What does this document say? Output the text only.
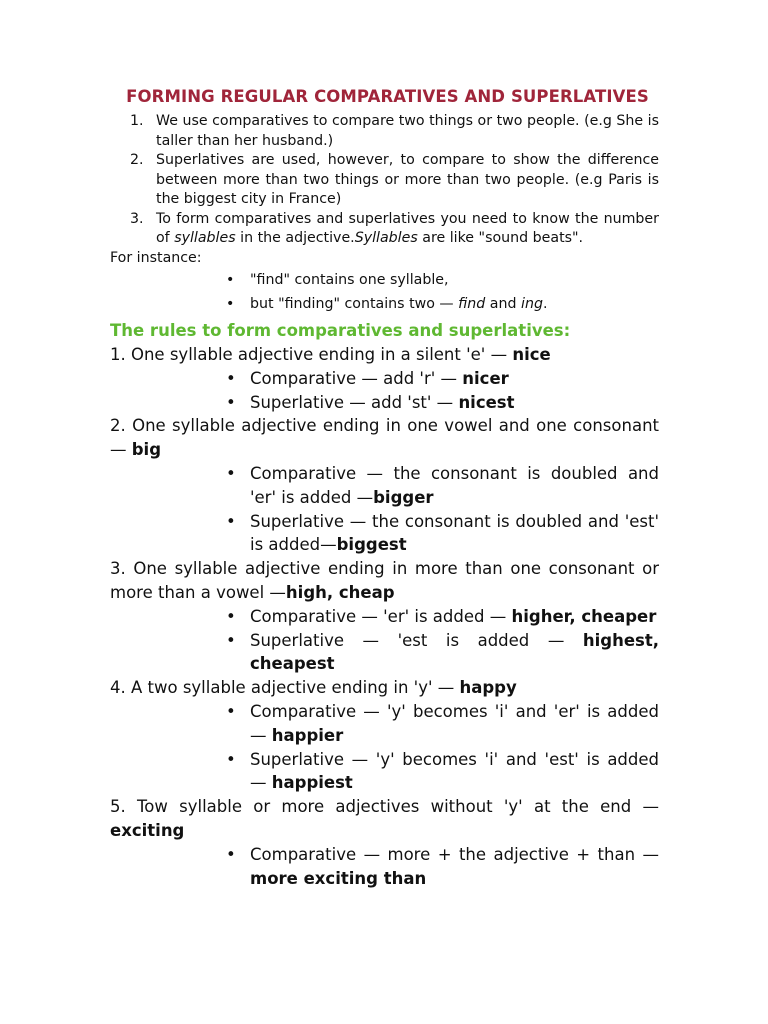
FORMING REGULAR COMPARATIVES AND SUPERLATIVES
1. We use comparatives to compare two things or two people. (e.g She is taller than her husband.)
2. Superlatives are used, however, to compare to show the difference between more than two things or more than two people. (e.g Paris is the biggest city in France)
3. To form comparatives and superlatives you need to know the number of syllables in the adjective.Syllables are like "sound beats".

For instance:

• "find" contains one syllable,
• but "finding" contains two — find and ing.
The rules to form comparatives and superlatives:

1. One syllable adjective ending in a silent 'e' — nice

• Comparative — add 'r' — nicer
• Superlative — add 'st' — nicest

2. One syllable adjective ending in one vowel and one consonant — big

• Comparative — the consonant is doubled and 'er' is added —bigger
• Superlative — the consonant is doubled and 'est' is added—biggest

3. One syllable adjective ending in more than one consonant or more than a vowel —high, cheap

• Comparative — 'er' is added — higher, cheaper
• Superlative — 'est is added — highest, cheapest

4. A two syllable adjective ending in 'y' — happy

• Comparative — 'y' becomes 'i' and 'er' is added — happier
• Superlative — 'y' becomes 'i' and 'est' is added — happiest

5. Tow syllable or more adjectives without 'y' at the end — exciting

• Comparative — more + the adjective + than — more exciting than
